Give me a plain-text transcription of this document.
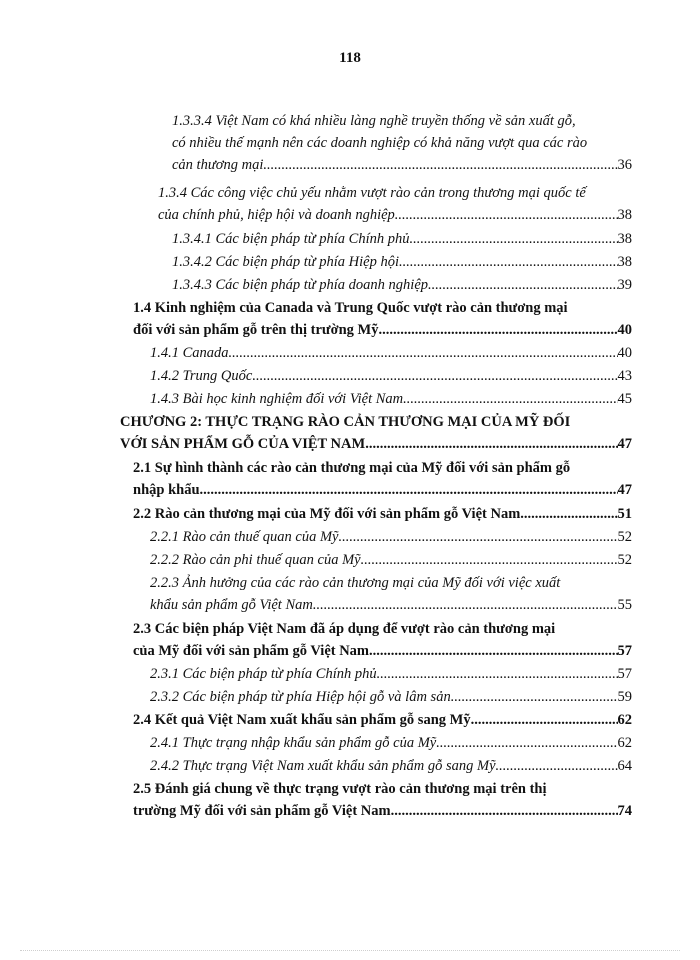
118
1.3.3.4 Việt Nam có khá nhiều làng nghề truyền thống về sản xuất gỗ,
có nhiều thế mạnh nên các doanh nghiệp có khả năng vượt qua các rào
cản thương mại. .....	36
1.3.4 Các công việc chủ yếu nhằm vượt rào cản trong thương mại quốc tế
của chính phủ, hiệp hội và doanh nghiệp .....	38
1.3.4.1 Các biện pháp từ phía Chính phủ .....	38
1.3.4.2 Các biện pháp từ phía Hiệp hội .....	38
1.3.4.3 Các biện pháp từ phía doanh nghiệp .....	39
1.4 Kinh nghiệm của Canada và Trung Quốc vượt rào cản thương mại
đối với sản phẩm gỗ trên thị trường Mỹ .....	40
1.4.1 Canada .....	40
1.4.2 Trung Quốc .....	43
1.4.3 Bài học kinh nghiệm đối với Việt Nam .....	45
CHƯƠNG 2: THỰC TRẠNG RÀO CẢN THƯƠNG MẠI CỦA MỸ ĐỐI
VỚI SẢN PHẨM GỖ CỦA VIỆT NAM .....	47
2.1 Sự hình thành các rào cản thương mại của Mỹ đối với sản phẩm gỗ
nhập khẩu .....	47
2.2 Rào cản thương mại của Mỹ đối với sản phẩm gỗ Việt Nam .....	51
2.2.1 Rào cản thuế quan của Mỹ .....	52
2.2.2 Rào cản phi thuế quan của Mỹ .....	52
2.2.3 Ảnh hưởng của các rào cản thương mại của Mỹ đối với việc xuất
khẩu sản phẩm gỗ Việt Nam .....	55
2.3 Các biện pháp Việt Nam đã áp dụng để vượt rào cản thương mại
của Mỹ đối với sản phẩm gỗ Việt Nam .....	57
2.3.1 Các biện pháp từ phía Chính phủ .....	57
2.3.2 Các biện pháp từ phía Hiệp hội gỗ và lâm sản .....	59
2.4 Kết quả Việt Nam xuất khẩu sản phẩm gỗ sang Mỹ .....	62
2.4.1 Thực trạng nhập khẩu sản phẩm gỗ của Mỹ .....	62
2.4.2 Thực trạng Việt Nam xuất khẩu sản phẩm gỗ sang Mỹ .....	64
2.5 Đánh giá chung về thực trạng vượt rào cản thương mại trên thị
trường Mỹ đối với sản phẩm gỗ Việt Nam .....	74
